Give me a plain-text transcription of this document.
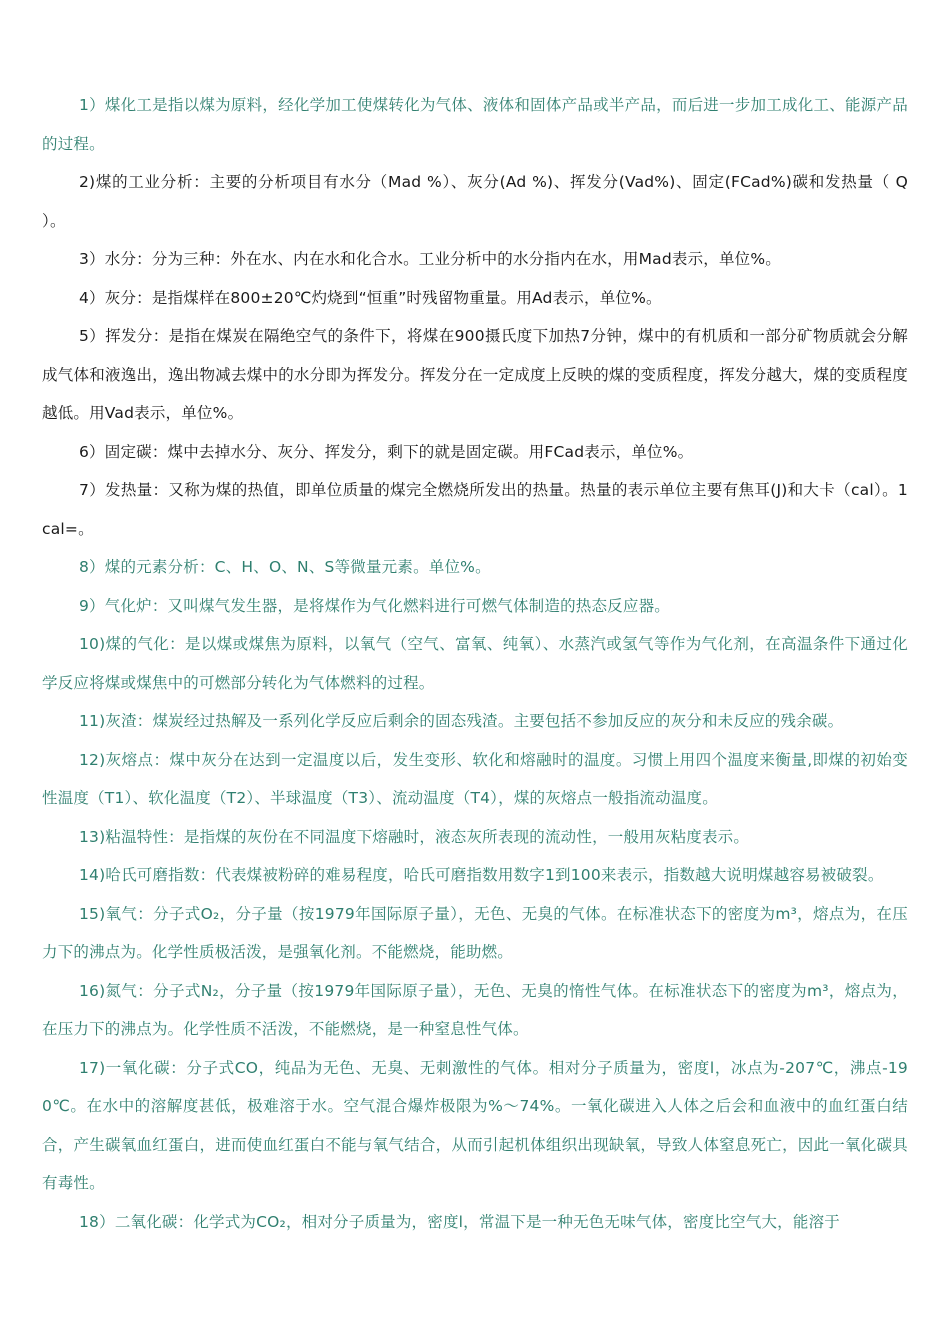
1）煤化工是指以煤为原料，经化学加工使煤转化为气体、液体和固体产品或半产品，而后进一步加工成化工、能源产品的过程。

2)煤的工业分析：主要的分析项目有水分（Mad %）、灰分(Ad %)、挥发分(Vad%)、固定(FCad%)碳和发热量（ Q ）。

3）水分：分为三种：外在水、内在水和化合水。工业分析中的水分指内在水，用Mad表示，单位%。

4）灰分：是指煤样在800±20℃灼烧到“恒重”时残留物重量。用Ad表示，单位%。

5）挥发分：是指在煤炭在隔绝空气的条件下，将煤在900摄氏度下加热7分钟，煤中的有机质和一部分矿物质就会分解成气体和液逸出，逸出物减去煤中的水分即为挥发分。挥发分在一定成度上反映的煤的变质程度，挥发分越大，煤的变质程度越低。用Vad表示，单位%。

6）固定碳：煤中去掉水分、灰分、挥发分，剩下的就是固定碳。用FCad表示，单位%。

7）发热量：又称为煤的热值，即单位质量的煤完全燃烧所发出的热量。热量的表示单位主要有焦耳(J)和大卡（cal）。1cal=。

8）煤的元素分析：C、H、O、N、S等微量元素。单位%。

9）气化炉：又叫煤气发生器，是将煤作为气化燃料进行可燃气体制造的热态反应器。

10)煤的气化：是以煤或煤焦为原料，以氧气（空气、富氧、纯氧）、水蒸汽或氢气等作为气化剂，在高温条件下通过化学反应将煤或煤焦中的可燃部分转化为气体燃料的过程。

11)灰渣：煤炭经过热解及一系列化学反应后剩余的固态残渣。主要包括不参加反应的灰分和未反应的残余碳。

12)灰熔点：煤中灰分在达到一定温度以后，发生变形、软化和熔融时的温度。习惯上用四个温度来衡量,即煤的初始变性温度（T1）、软化温度（T2）、半球温度（T3）、流动温度（T4），煤的灰熔点一般指流动温度。

13)粘温特性：是指煤的灰份在不同温度下熔融时，液态灰所表现的流动性，一般用灰粘度表示。

14)哈氏可磨指数：代表煤被粉碎的难易程度，哈氏可磨指数用数字1到100来表示，指数越大说明煤越容易被破裂。

15)氧气：分子式O₂，分子量（按1979年国际原子量），无色、无臭的气体。在标准状态下的密度为m³，熔点为，在压力下的沸点为。化学性质极活泼，是强氧化剂。不能燃烧，能助燃。

16)氮气：分子式N₂，分子量（按1979年国际原子量），无色、无臭的惰性气体。在标准状态下的密度为m³，熔点为，在压力下的沸点为。化学性质不活泼，不能燃烧，是一种窒息性气体。

17)一氧化碳：分子式CO，纯品为无色、无臭、无刺激性的气体。相对分子质量为，密度l，冰点为-207℃，沸点-190℃。在水中的溶解度甚低，极难溶于水。空气混合爆炸极限为%～74%。一氧化碳进入人体之后会和血液中的血红蛋白结合，产生碳氧血红蛋白，进而使血红蛋白不能与氧气结合，从而引起机体组织出现缺氧，导致人体窒息死亡，因此一氧化碳具有毒性。

18）二氧化碳：化学式为CO₂，相对分子质量为，密度l，常温下是一种无色无味气体，密度比空气大，能溶于
